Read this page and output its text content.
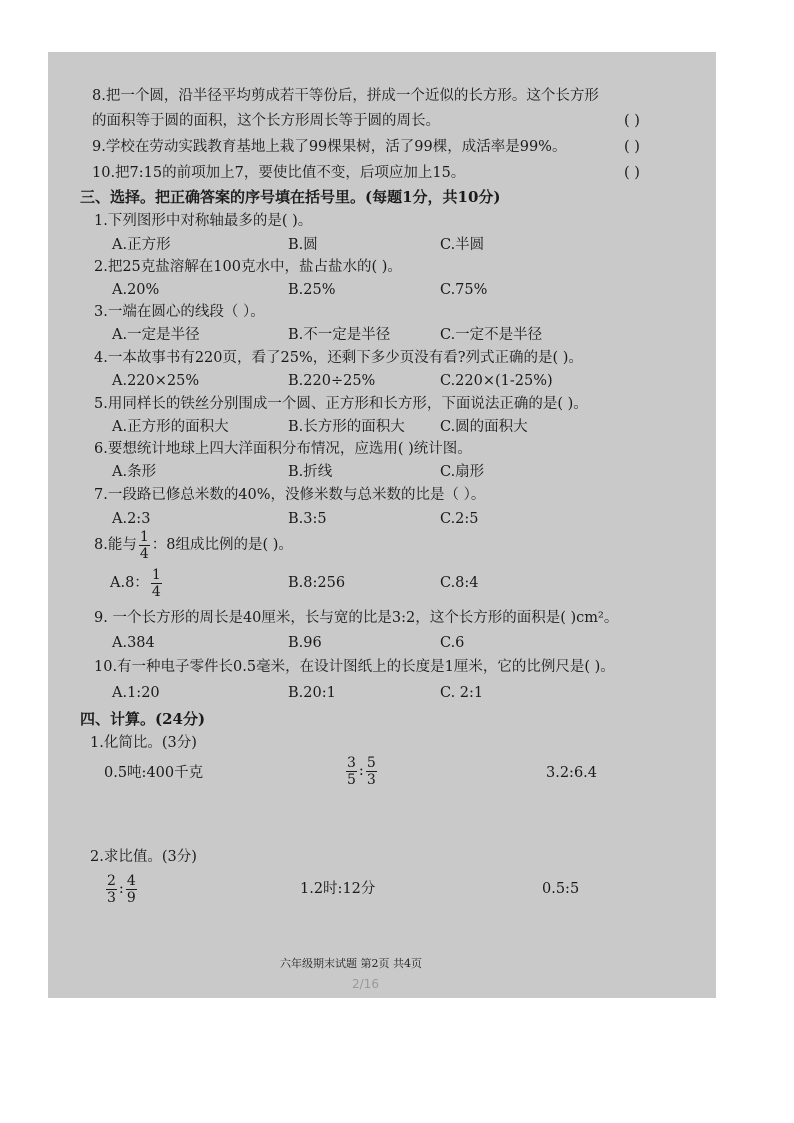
8.把一个圆，沿半径平均剪成若干等份后，拼成一个近似的长方形。这个长方形
的面积等于圆的面积，这个长方形周长等于圆的周长。	( )
9.学校在劳动实践教育基地上栽了99棵果树，活了99棵，成活率是99%。	( )
10.把7:15的前项加上7，要使比值不变，后项应加上15。	( )
三、选择。把正确答案的序号填在括号里。(每题1分，共10分)
1.下列图形中对称轴最多的是( )。
A.正方形	B.圆	C.半圆
2.把25克盐溶解在100克水中，盐占盐水的( )。
A.20%	B.25%	C.75%
3.一端在圆心的线段（ ）。
A.一定是半径	B.不一定是半径	C.一定不是半径
4.一本故事书有220页，看了25%，还剩下多少页没有看?列式正确的是( )。
A.220×25%	B.220÷25%	C.220×(1-25%)
5.用同样长的铁丝分别围成一个圆、正方形和长方形，下面说法正确的是( )。
A.正方形的面积大	B.长方形的面积大 C.圆的面积大
6.要想统计地球上四大洋面积分布情况，应选用( )统计图。
A.条形	B.折线	C.扇形
7.一段路已修总米数的40%，没修米数与总米数的比是（ ）。
A.2:3	B.3:5	C.2:5
8.能与 $\frac{1}{4}$ ：8组成比例的是( )。
A.8： $\frac{1}{4}$	B.8:256	C.8:4
9. 一个长方形的周长是40厘米，长与宽的比是3:2，这个长方形的面积是( )cm²。
A.384	B.96	C.6
10.有一种电子零件长0.5毫米，在设计图纸上的长度是1厘米，它的比例尺是( )。
A.1:20	B.20:1	C. 2:1
四、计算。(24分)
1.化简比。(3分)
0.5吨:400千克	$\frac{3}{5}$ : $\frac{5}{3}$	3.2:6.4
2.求比值。(3分)
$\frac{2}{3}$ : $\frac{4}{9}$	1.2时:12分	0.5:5
六年级期末试题 第2页 共4页
2/16
